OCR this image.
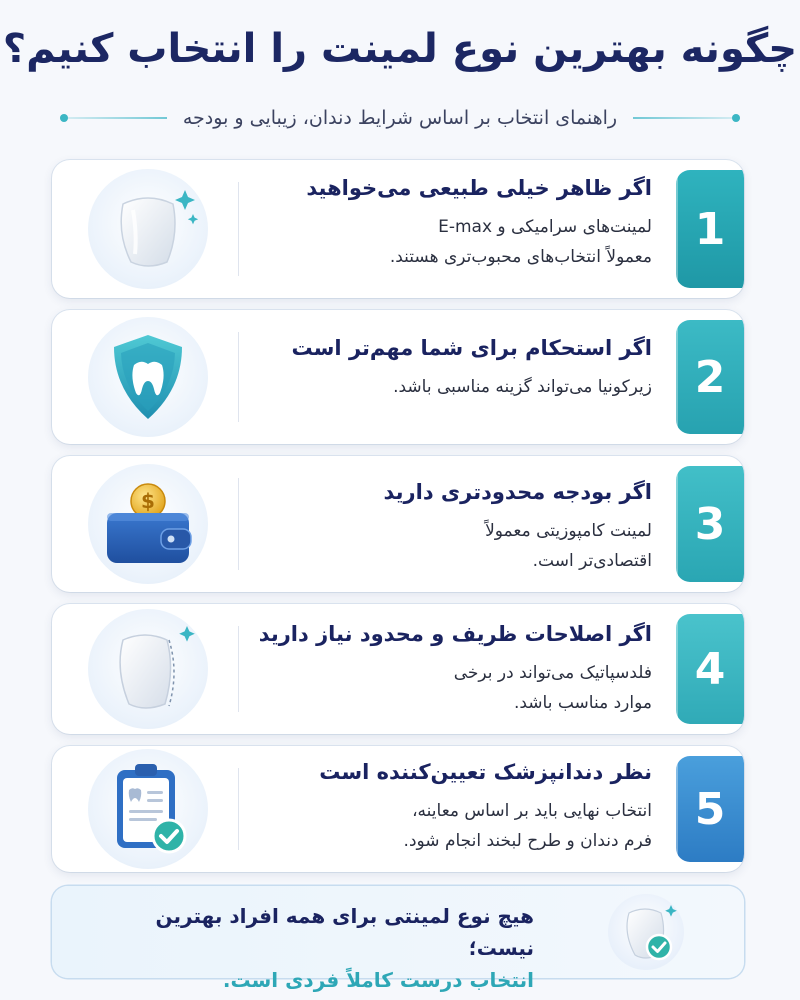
چگونه بهترین نوع لمینت را انتخاب کنیم؟
راهنمای انتخاب بر اساس شرایط دندان، زیبایی و بودجه
1
اگر ظاهر خیلی طبیعی می‌خواهید
لمینت‌های سرامیکی و E-max
معمولاً انتخاب‌های محبوب‌تری هستند.
2
اگر استحکام برای شما مهم‌تر است
زیرکونیا می‌تواند گزینه مناسبی باشد.
3
اگر بودجه محدودتری دارید
لمینت کامپوزیتی معمولاً
اقتصادی‌تر است.
$
4
اگر اصلاحات ظریف و محدود نیاز دارید
فلدسپاتیک می‌تواند در برخی
موارد مناسب باشد.
5
نظر دندانپزشک تعیین‌کننده است
انتخاب نهایی باید بر اساس معاینه،
فرم دندان و طرح لبخند انجام شود.
هیچ نوع لمینتی برای همه افراد بهترین نیست؛
انتخاب درست کاملاً فردی است.
